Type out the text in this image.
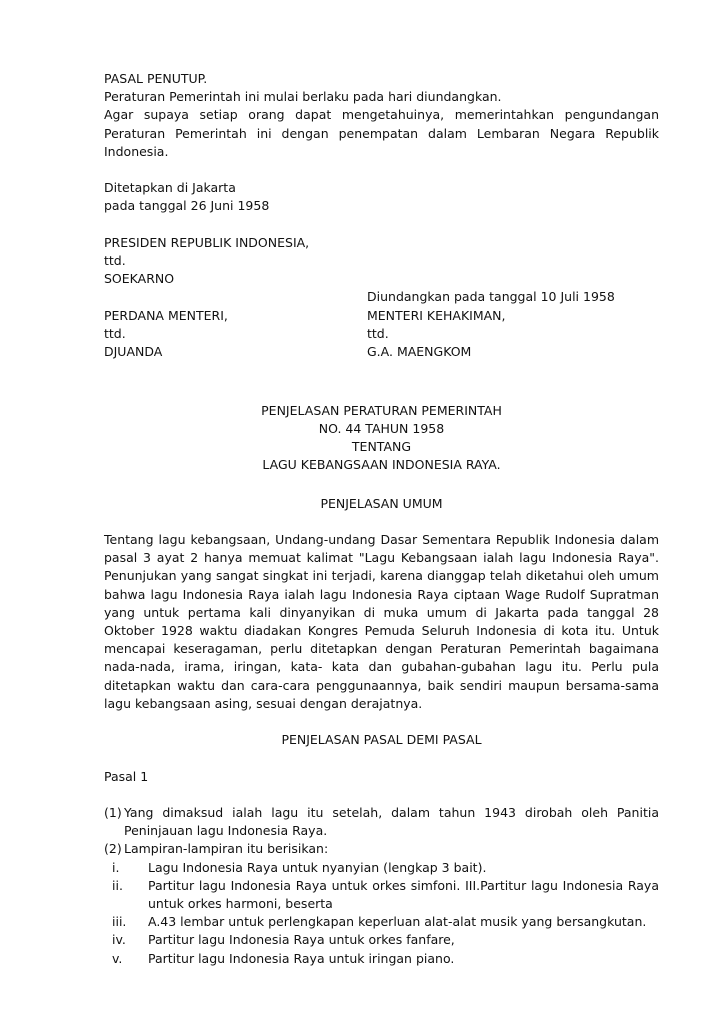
PASAL PENUTUP.
Peraturan Pemerintah ini mulai berlaku pada hari diundangkan.
Agar supaya setiap orang dapat mengetahuinya, memerintahkan pengundangan Peraturan Pemerintah ini dengan penempatan dalam Lembaran Negara Republik Indonesia.
Ditetapkan di Jakarta
pada tanggal 26 Juni 1958
PRESIDEN REPUBLIK INDONESIA,
ttd.
SOEKARNO
Diundangkan pada tanggal 10 Juli 1958
PERDANA MENTERI,	MENTERI KEHAKIMAN,
ttd.	ttd.
DJUANDA	G.A. MAENGKOM
PENJELASAN PERATURAN PEMERINTAH
NO. 44 TAHUN 1958
TENTANG
LAGU KEBANGSAAN INDONESIA RAYA.
PENJELASAN UMUM
Tentang lagu kebangsaan, Undang-undang Dasar Sementara Republik Indonesia dalam pasal 3 ayat 2 hanya memuat kalimat "Lagu Kebangsaan ialah lagu Indonesia Raya". Penunjukan yang sangat singkat ini terjadi, karena dianggap telah diketahui oleh umum bahwa lagu Indonesia Raya ialah lagu Indonesia Raya ciptaan Wage Rudolf Supratman yang untuk pertama kali dinyanyikan di muka umum di Jakarta pada tanggal 28 Oktober 1928 waktu diadakan Kongres Pemuda Seluruh Indonesia di kota itu. Untuk mencapai keseragaman, perlu ditetapkan dengan Peraturan Pemerintah bagaimana nada-nada, irama, iringan, kata- kata dan gubahan-gubahan lagu itu. Perlu pula ditetapkan waktu dan cara-cara penggunaannya, baik sendiri maupun bersama-sama lagu kebangsaan asing, sesuai dengan derajatnya.
PENJELASAN PASAL DEMI PASAL
Pasal 1
(1) Yang dimaksud ialah lagu itu setelah, dalam tahun 1943 dirobah oleh Panitia Peninjauan lagu Indonesia Raya.
(2) Lampiran-lampiran itu berisikan:
i.	Lagu Indonesia Raya untuk nyanyian (lengkap 3 bait).
ii.	Partitur lagu Indonesia Raya untuk orkes simfoni. III.Partitur lagu Indonesia Raya untuk orkes harmoni, beserta
iii.	A.43 lembar untuk perlengkapan keperluan alat-alat musik yang bersangkutan.
iv.	Partitur lagu Indonesia Raya untuk orkes fanfare,
v.	Partitur lagu Indonesia Raya untuk iringan piano.
